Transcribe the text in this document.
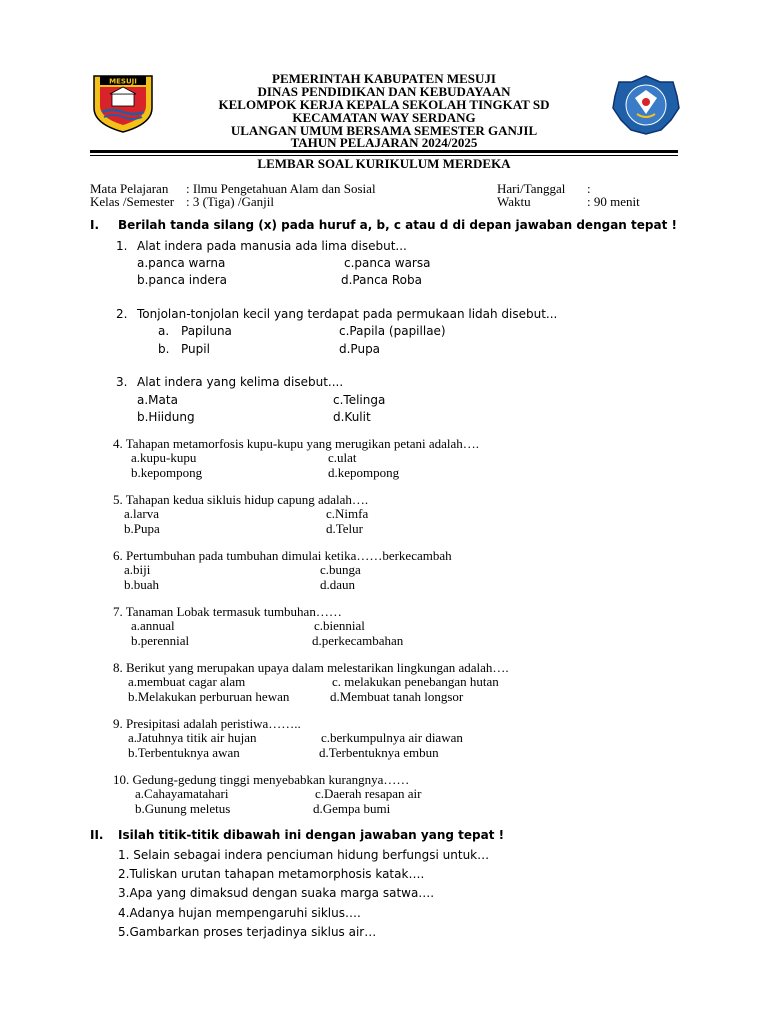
MESUJI	PEMERINTAH KABUPATEN MESUJI
DINAS PENDIDIKAN DAN KEBUDAYAAN
KELOMPOK KERJA KEPALA SEKOLAH TINGKAT SD
KECAMATAN WAY SERDANG
ULANGAN UMUM BERSAMA SEMESTER GANJIL
TAHUN PELAJARAN 2024/2025
LEMBAR SOAL KURIKULUM MERDEKA
Mata Pelajaran : Ilmu Pengetahuan Alam dan Sosial
Kelas /Semester : 3 (Tiga) /Ganjil
Hari/Tanggal :
Waktu	: 90 menit
I. Berilah tanda silang (x) pada huruf a, b, c atau d di depan jawaban dengan tepat !
1. Alat indera pada manusia ada lima disebut...
a.panca warna	c.panca warsa
b.panca indera	d.Panca Roba
2. Tonjolan-tonjolan kecil yang terdapat pada permukaan lidah disebut...
a. Papiluna	c.Papila (papillae)
b. Pupil	d.Pupa
3. Alat indera yang kelima disebut....
a.Mata	c.Telinga
b.Hiidung	d.Kulit
4. Tahapan metamorfosis kupu-kupu yang merugikan petani adalah….
a.kupu-kupu	c.ulat
b.kepompong	d.kepompong
5. Tahapan kedua sikluis hidup capung adalah….
a.larva	c.Nimfa
b.Pupa	d.Telur
6. Pertumbuhan pada tumbuhan dimulai ketika……berkecambah
a.biji	c.bunga
b.buah	d.daun
7. Tanaman Lobak termasuk tumbuhan……
a.annual	c.biennial
b.perennial	d.perkecambahan
8. Berikut yang merupakan upaya dalam melestarikan lingkungan adalah….
a.membuat cagar alam	c. melakukan penebangan hutan
b.Melakukan perburuan hewan	d.Membuat tanah longsor
9. Presipitasi adalah peristiwa……..
a.Jatuhnya titik air hujan	c.berkumpulnya air diawan
b.Terbentuknya awan	d.Terbentuknya embun
10. Gedung-gedung tinggi menyebabkan kurangnya……
a.Cahayamatahari	c.Daerah resapan air
b.Gunung meletus	d.Gempa bumi
II. Isilah titik-titik dibawah ini dengan jawaban yang tepat !
1. Selain sebagai indera penciuman hidung berfungsi untuk…
2.Tuliskan urutan tahapan metamorphosis katak….
3.Apa yang dimaksud dengan suaka marga satwa….
4.Adanya hujan mempengaruhi siklus….
5.Gambarkan proses terjadinya siklus air…
